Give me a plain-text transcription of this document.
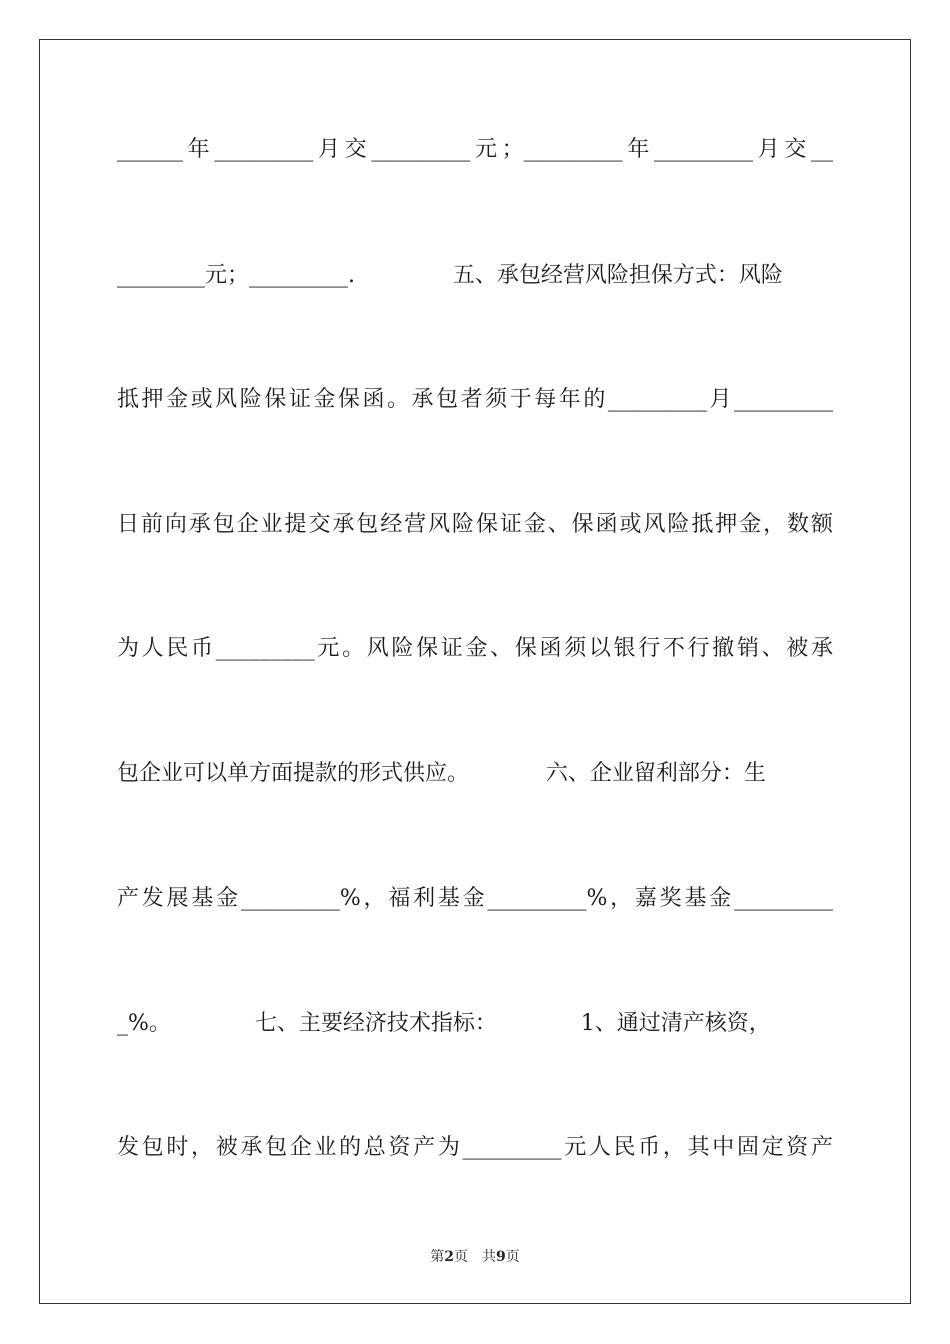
______年_________月交_________元；_________年_________月交__
________元；_________.              五、承包经营风险担保方式：风险
抵押金或风险保证金保函。承包者须于每年的_________月_________
日前向承包企业提交承包经营风险保证金、保函或风险抵押金，数额
为人民币_________元。风险保证金、保函须以银行不行撤销、被承
包企业可以单方面提款的形式供应。           六、企业留利部分：生
产发展基金_________%，福利基金_________%，嘉奖基金_________
_%。            七、主要经济技术指标：            1、通过清产核资，
发包时，被承包企业的总资产为_________元人民币，其中固定资产
第2页 共9页
